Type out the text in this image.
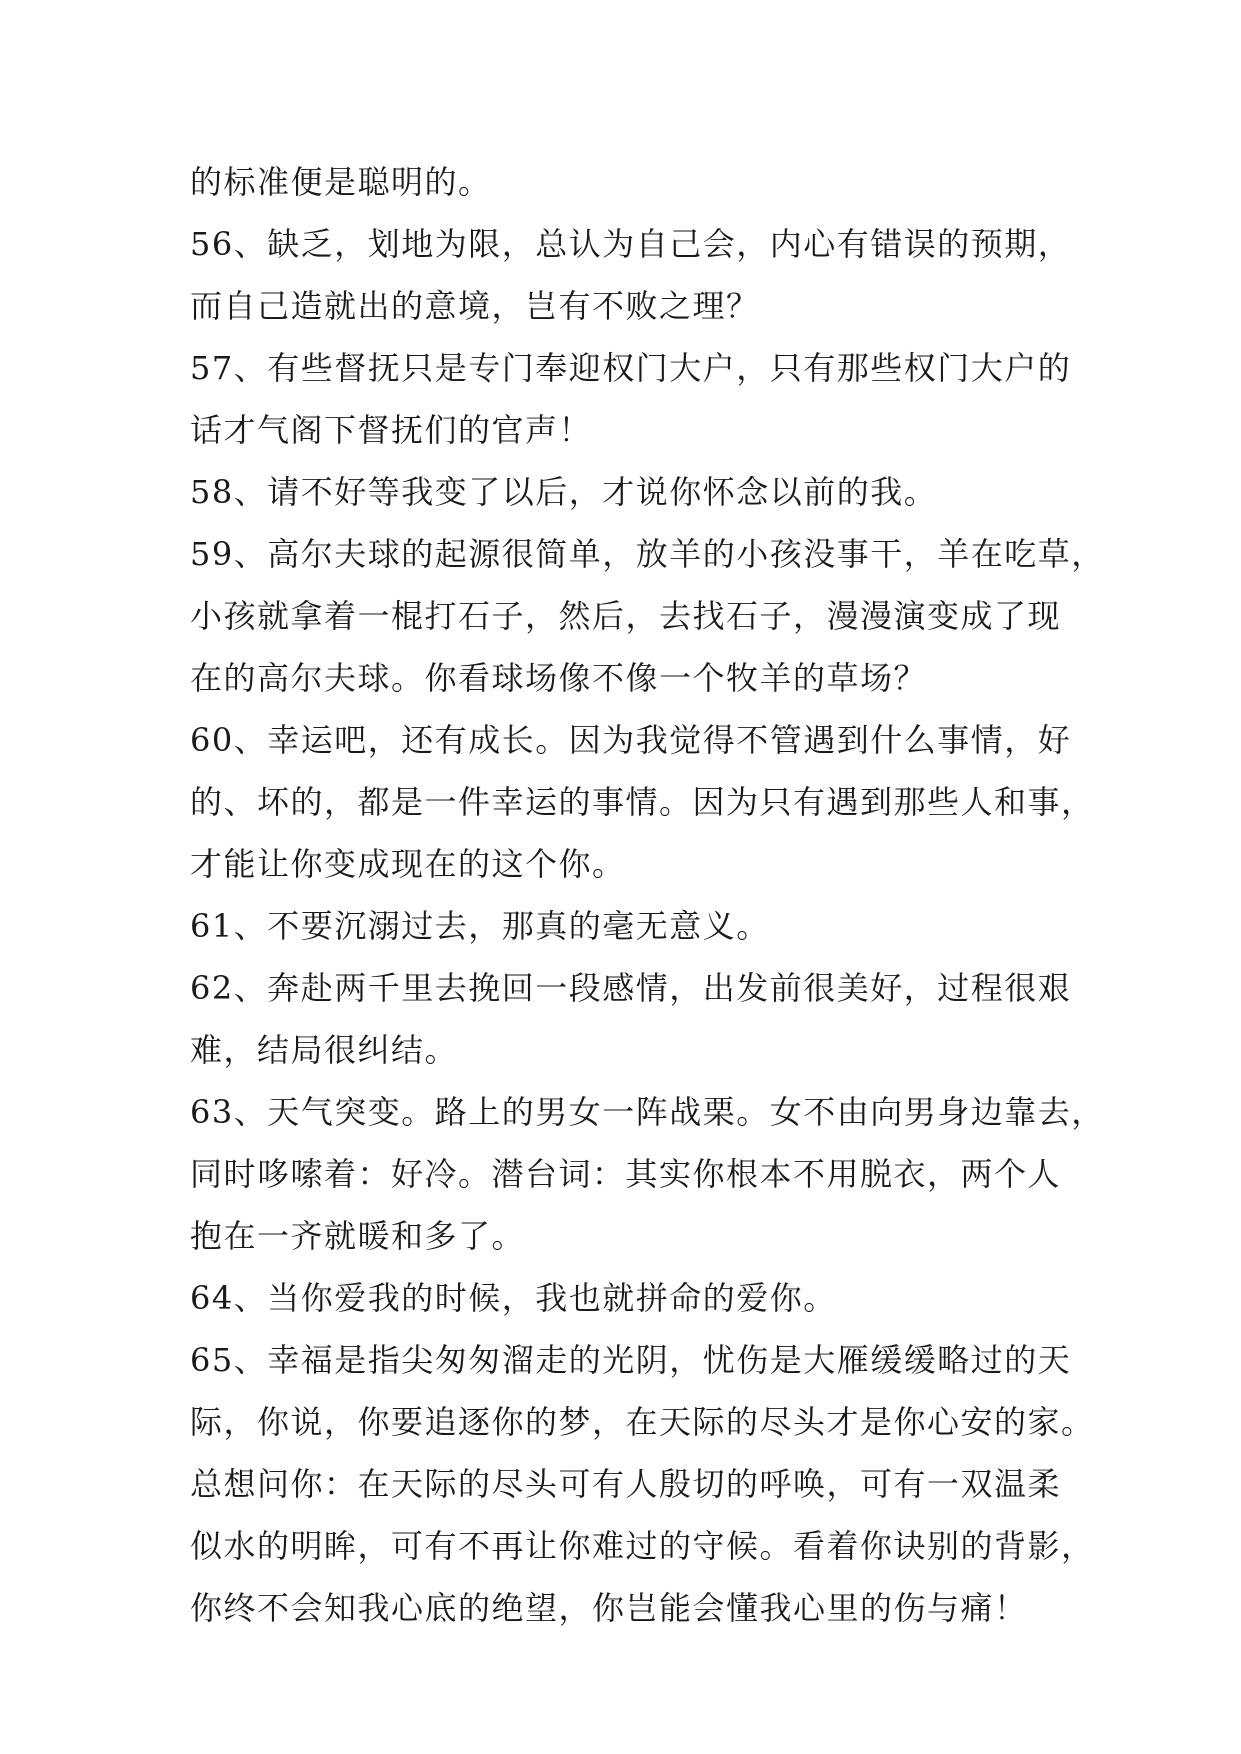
的标准便是聪明的。
56、缺乏，划地为限，总认为自己会，内心有错误的预期，
而自己造就出的意境，岂有不败之理？
57、有些督抚只是专门奉迎权门大户，只有那些权门大户的
话才气阁下督抚们的官声！
58、请不好等我变了以后，才说你怀念以前的我。
59、高尔夫球的起源很简单，放羊的小孩没事干，羊在吃草，
小孩就拿着一棍打石子，然后，去找石子，漫漫演变成了现
在的高尔夫球。你看球场像不像一个牧羊的草场？
60、幸运吧，还有成长。因为我觉得不管遇到什么事情，好
的、坏的，都是一件幸运的事情。因为只有遇到那些人和事，
才能让你变成现在的这个你。
61、不要沉溺过去，那真的毫无意义。
62、奔赴两千里去挽回一段感情，出发前很美好，过程很艰
难，结局很纠结。
63、天气突变。路上的男女一阵战栗。女不由向男身边靠去，
同时哆嗦着：好冷。潜台词：其实你根本不用脱衣，两个人
抱在一齐就暖和多了。
64、当你爱我的时候，我也就拼命的爱你。
65、幸福是指尖匆匆溜走的光阴，忧伤是大雁缓缓略过的天
际，你说，你要追逐你的梦，在天际的尽头才是你心安的家。
总想问你：在天际的尽头可有人殷切的呼唤，可有一双温柔
似水的明眸，可有不再让你难过的守候。看着你诀别的背影，
你终不会知我心底的绝望，你岂能会懂我心里的伤与痛！
